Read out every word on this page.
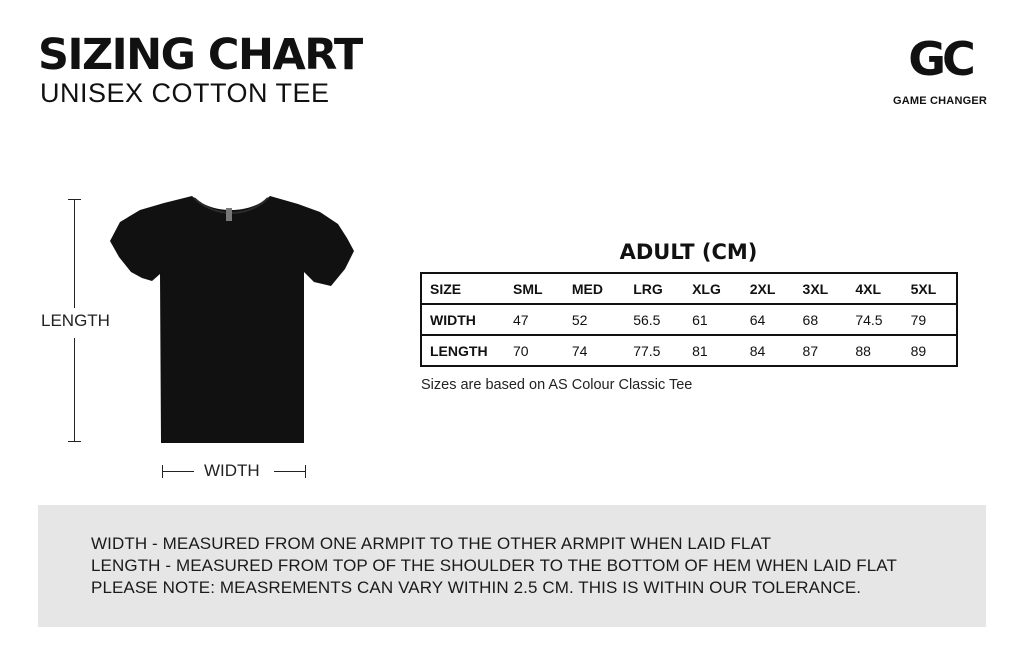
SIZING CHART
UNISEX COTTON TEE
GC
GAME CHANGER
LENGTH
WIDTH
ADULT (CM)
SIZE	SML	MED	LRG	XLG	2XL	3XL	4XL	5XL
WIDTH	47	52	56.5	61	64	68	74.5	79
LENGTH	70	74	77.5	81	84	87	88	89
Sizes are based on AS Colour Classic Tee
WIDTH - MEASURED FROM ONE ARMPIT TO THE OTHER ARMPIT WHEN LAID FLAT
LENGTH - MEASURED FROM TOP OF THE SHOULDER TO THE BOTTOM OF HEM WHEN LAID FLAT
PLEASE NOTE: MEASREMENTS CAN VARY WITHIN 2.5 CM. THIS IS WITHIN OUR TOLERANCE.
